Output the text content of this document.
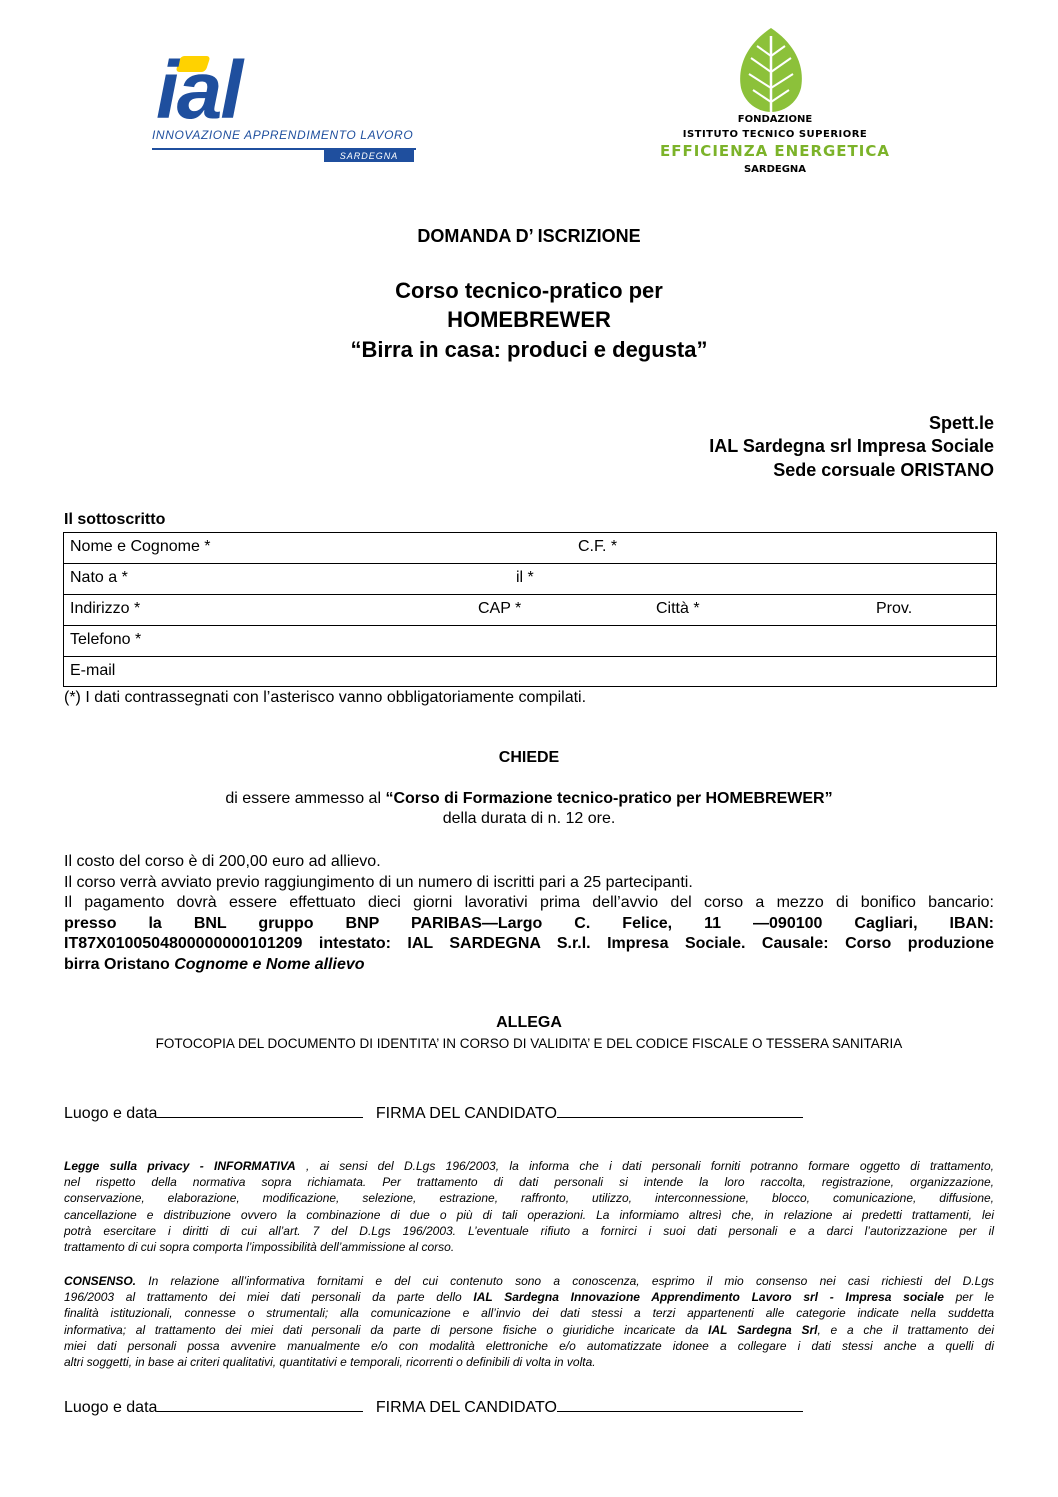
ial
INNOVAZIONE APPRENDIMENTO LAVORO
SARDEGNA
FONDAZIONE
ISTITUTO TECNICO SUPERIORE
EFFICIENZA ENERGETICA
SARDEGNA
DOMANDA D’ ISCRIZIONE
Corso tecnico-pratico per
HOMEBREWER
“Birra in casa: produci e degusta”
Spett.le
IAL Sardegna srl Impresa Sociale
Sede corsuale ORISTANO
Il sottoscritto
Nome e Cognome *	C.F. *
Nato a *	il *
Indirizzo *	CAP *	Città *	Prov.
Telefono *
E-mail
(*) I dati contrassegnati con l’asterisco vanno obbligatoriamente compilati.
CHIEDE
di essere ammesso al “Corso di Formazione tecnico-pratico per HOMEBREWER”
della durata di n. 12 ore.
Il costo del corso è di 200,00 euro ad allievo.
Il corso verrà avviato previo raggiungimento di un numero di iscritti pari a 25 partecipanti.
Il pagamento dovrà essere effettuato dieci giorni lavorativi prima dell’avvio del corso a mezzo di bonifico bancario:
presso la BNL gruppo BNP PARIBAS—Largo C. Felice, 11 —090100 Cagliari, IBAN:
IT87X0100504800000000101209 intestato: IAL SARDEGNA S.r.l. Impresa Sociale. Causale: Corso produzione
birra Oristano Cognome e Nome allievo
ALLEGA
FOTOCOPIA DEL DOCUMENTO DI IDENTITA’ IN CORSO DI VALIDITA’ E DEL CODICE FISCALE O TESSERA SANITARIA
Luogo e data	FIRMA DEL CANDIDATO
Legge sulla privacy - INFORMATIVA , ai sensi del D.Lgs 196/2003, la informa che i dati personali forniti potranno formare oggetto di trattamento,
nel rispetto della normativa sopra richiamata. Per trattamento di dati personali si intende la loro raccolta, registrazione, organizzazione,
conservazione, elaborazione, modificazione, selezione, estrazione, raffronto, utilizzo, interconnessione, blocco, comunicazione, diffusione,
cancellazione e distribuzione ovvero la combinazione di due o più di tali operazioni. La informiamo altresì che, in relazione ai predetti trattamenti, lei
potrà esercitare i diritti di cui all’art. 7 del D.Lgs 196/2003. L’eventuale rifiuto a fornirci i suoi dati personali e a darci l’autorizzazione per il
trattamento di cui sopra comporta l’impossibilità dell’ammissione al corso.
CONSENSO. In relazione all’informativa fornitami e del cui contenuto sono a conoscenza, esprimo il mio consenso nei casi richiesti del D.Lgs
196/2003 al trattamento dei miei dati personali da parte dello IAL Sardegna Innovazione Apprendimento Lavoro srl - Impresa sociale per le
finalità istituzionali, connesse o strumentali; alla comunicazione e all’invio dei dati stessi a terzi appartenenti alle categorie indicate nella suddetta
informativa; al trattamento dei miei dati personali da parte di persone fisiche o giuridiche incaricate da IAL Sardegna Srl, e a che il trattamento dei
miei dati personali possa avvenire manualmente e/o con modalità elettroniche e/o automatizzate idonee a collegare i dati stessi anche a quelli di
altri soggetti, in base ai criteri qualitativi, quantitativi e temporali, ricorrenti o definibili di volta in volta.
Luogo e data	FIRMA DEL CANDIDATO
